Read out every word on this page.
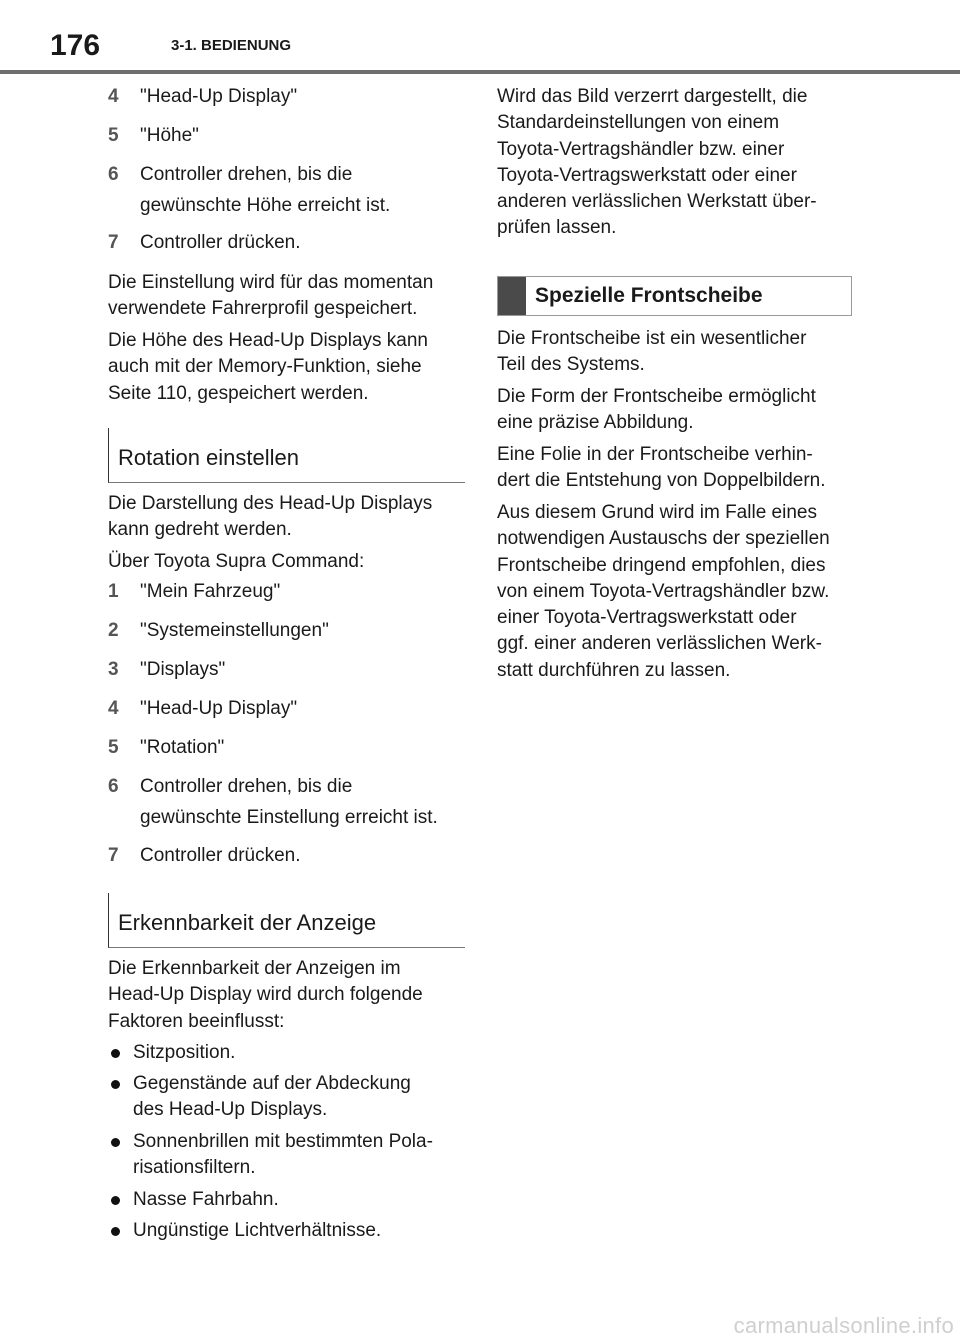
176	3-1. BEDIENUNG
4 "Head-Up Display"
5 "Höhe"
6 Controller drehen, bis die
gewünschte Höhe erreicht ist.
7 Controller drücken.
Die Einstellung wird für das momentan
verwendete Fahrerprofil gespeichert.
Die Höhe des Head-Up Displays kann
auch mit der Memory-Funktion, siehe
Seite 110, gespeichert werden.
Rotation einstellen
Die Darstellung des Head-Up Displays
kann gedreht werden.
Über Toyota Supra Command:
1 "Mein Fahrzeug"
2 "Systemeinstellungen"
3 "Displays"
4 "Head-Up Display"
5 "Rotation"
6 Controller drehen, bis die
gewünschte Einstellung erreicht ist.
7 Controller drücken.
Erkennbarkeit der Anzeige
Die Erkennbarkeit der Anzeigen im
Head-Up Display wird durch folgende
Faktoren beeinflusst:
Sitzposition.
Gegenstände auf der Abdeckung
des Head-Up Displays.
Sonnenbrillen mit bestimmten Pola-
risationsfiltern.
Nasse Fahrbahn.
Ungünstige Lichtverhältnisse.
Wird das Bild verzerrt dargestellt, die
Standardeinstellungen von einem
Toyota-Vertragshändler bzw. einer
Toyota-Vertragswerkstatt oder einer
anderen verlässlichen Werkstatt über-
prüfen lassen.
Spezielle Frontscheibe
Die Frontscheibe ist ein wesentlicher
Teil des Systems.
Die Form der Frontscheibe ermöglicht
eine präzise Abbildung.
Eine Folie in der Frontscheibe verhin-
dert die Entstehung von Doppelbildern.
Aus diesem Grund wird im Falle eines
notwendigen Austauschs der speziellen
Frontscheibe dringend empfohlen, dies
von einem Toyota-Vertragshändler bzw.
einer Toyota-Vertragswerkstatt oder
ggf. einer anderen verlässlichen Werk-
statt durchführen zu lassen.
carmanualsonline.info
